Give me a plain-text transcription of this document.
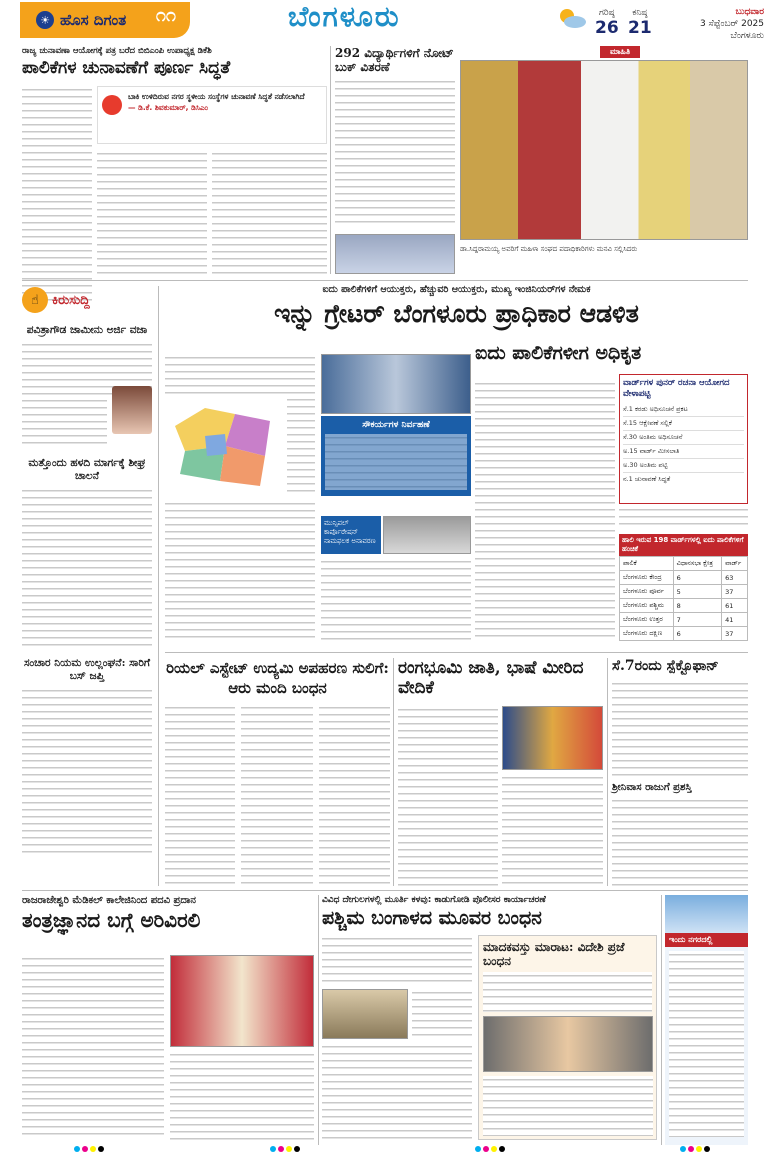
☀ ಹೊಸ ದಿಗಂತ ೧೧	ಬೆಂಗಳೂರು	ಗರಿಷ್ಠ
26
ಕನಿಷ್ಠ
21
ಬುಧವಾರ
3 ಸೆಪ್ಟೆಂಬರ್ 2025
ಬೆಂಗಳೂರು
ರಾಜ್ಯ ಚುನಾವಣಾ ಆಯೋಗಕ್ಕೆ ಪತ್ರ ಬರೆದ ಬಿಬಿಎಂಪಿ ಉಪಾಧ್ಯಕ್ಷ ಡಿಕೆಶಿ
ಪಾಲಿಕೆಗಳ ಚುನಾವಣೆಗೆ ಪೂರ್ಣ ಸಿದ್ಧತೆ
ಬಾಕಿ ಉಳಿದಿರುವ ನಗರ ಸ್ಥಳೀಯ ಸಂಸ್ಥೆಗಳ ಚುನಾವಣೆ ಸಿದ್ಧತೆ ನಡೆಸಲಾಗಿದೆ
— ಡಿ.ಕೆ. ಶಿವಕುಮಾರ್, ಡಿಸಿಎಂ
292 ವಿದ್ಯಾರ್ಥಿಗಳಿಗೆ ನೋಟ್ ಬುಕ್ ವಿತರಣೆ
ಮಾಹಿತಿ
ಡಾ.ಸಿದ್ದರಾಮಯ್ಯ ಅವರಿಗೆ ಮಹಿಳಾ ಸಂಘದ ಪದಾಧಿಕಾರಿಗಳು ಮನವಿ ಸಲ್ಲಿಸಿದರು
☝	ಕಿರುಸುದ್ದಿ
ಪವಿತ್ರಾಗೌಡ ಜಾಮೀನು ಅರ್ಜಿ ವಜಾ
ಮತ್ತೊಂದು ಹಳದಿ ಮಾರ್ಗಕ್ಕೆ ಶೀಘ್ರ ಚಾಲನೆ
ಸಂಚಾರ ನಿಯಮ ಉಲ್ಲಂಘನೆ: ಸಾರಿಗೆ ಬಸ್ ಜಪ್ತಿ
ಐದು ಪಾಲಿಕೆಗಳಿಗೆ ಆಯುಕ್ತರು, ಹೆಚ್ಚುವರಿ ಆಯುಕ್ತರು, ಮುಖ್ಯ ಇಂಜಿನಿಯರ್‌ಗಳ ನೇಮಕ
ಇನ್ನು ಗ್ರೇಟರ್ ಬೆಂಗಳೂರು ಪ್ರಾಧಿಕಾರ ಆಡಳಿತ
ಐದು ಪಾಲಿಕೆಗಳೀಗ ಅಧಿಕೃತ
ಸೌಕರ್ಯಗಳ ನಿರ್ವಹಣೆ
ಮುನ್ಸಿಪಲ್ ಕಾರ್ಪೊರೇಷನ್ ನಾಮಫಲಕ ಅನಾವರಣ
ವಾರ್ಡ್‌ಗಳ ಪುನರ್ ರಚನಾ ಆಯೋಗದ ವೇಳಾಪಟ್ಟಿ
ಸೆ.1 ಕರಡು ಅಧಿಸೂಚನೆ ಪ್ರಕಟ
ಸೆ.15 ಆಕ್ಷೇಪಣೆ ಸಲ್ಲಿಕೆ
ಸೆ.30 ಅಂತಿಮ ಅಧಿಸೂಚನೆ
ಅ.15 ವಾರ್ಡ್ ಮೀಸಲಾತಿ
ಅ.30 ಅಂತಿಮ ಪಟ್ಟಿ
ನ.1 ಚುನಾವಣೆ ಸಿದ್ಧತೆ
ಹಾಲಿ ಇರುವ 198 ವಾರ್ಡ್‌ಗಳಲ್ಲಿ ಐದು ಪಾಲಿಕೆಗಳಿಗೆ ಹಂಚಿಕೆ
ಪಾಲಿಕೆ	ವಿಧಾನಸಭಾ ಕ್ಷೇತ್ರ	ವಾರ್ಡ್
ಬೆಂಗಳೂರು ಕೇಂದ್ರ	6	63
ಬೆಂಗಳೂರು ಪೂರ್ವ	5	37
ಬೆಂಗಳೂರು ಪಶ್ಚಿಮ	8	61
ಬೆಂಗಳೂರು ಉತ್ತರ	7	41
ಬೆಂಗಳೂರು ದಕ್ಷಿಣ	6	37
ರಿಯಲ್ ಎಸ್ಟೇಟ್ ಉದ್ಯಮಿ ಅಪಹರಣ ಸುಲಿಗೆ: ಆರು ಮಂದಿ ಬಂಧನ
ರಂಗಭೂಮಿ ಜಾತಿ, ಭಾಷೆ ಮೀರಿದ ವೇದಿಕೆ
ಸೆ.7ರಂದು ಸ್ಪೆಕ್ಟೊಫಾನ್
ಶ್ರೀನಿವಾಸ ರಾಜುಗೆ ಪ್ರಶಸ್ತಿ
ರಾಜರಾಜೇಶ್ವರಿ ಮೆಡಿಕಲ್ ಕಾಲೇಜಿನಿಂದ ಪದವಿ ಪ್ರದಾನ
ತಂತ್ರಜ್ಞಾನದ ಬಗ್ಗೆ ಅರಿವಿರಲಿ
ವಿವಿಧ ದೇಗುಲಗಳಲ್ಲಿ ಮೂರ್ತಿ ಕಳವು: ಕಾಡುಗೋಡಿ ಪೊಲೀಸರ ಕಾರ್ಯಾಚರಣೆ
ಪಶ್ಚಿಮ ಬಂಗಾಳದ ಮೂವರ ಬಂಧನ
ಮಾದಕವಸ್ತು ಮಾರಾಟ: ವಿದೇಶಿ ಪ್ರಜೆ ಬಂಧನ
ಇಂದು ನಗರದಲ್ಲಿ
